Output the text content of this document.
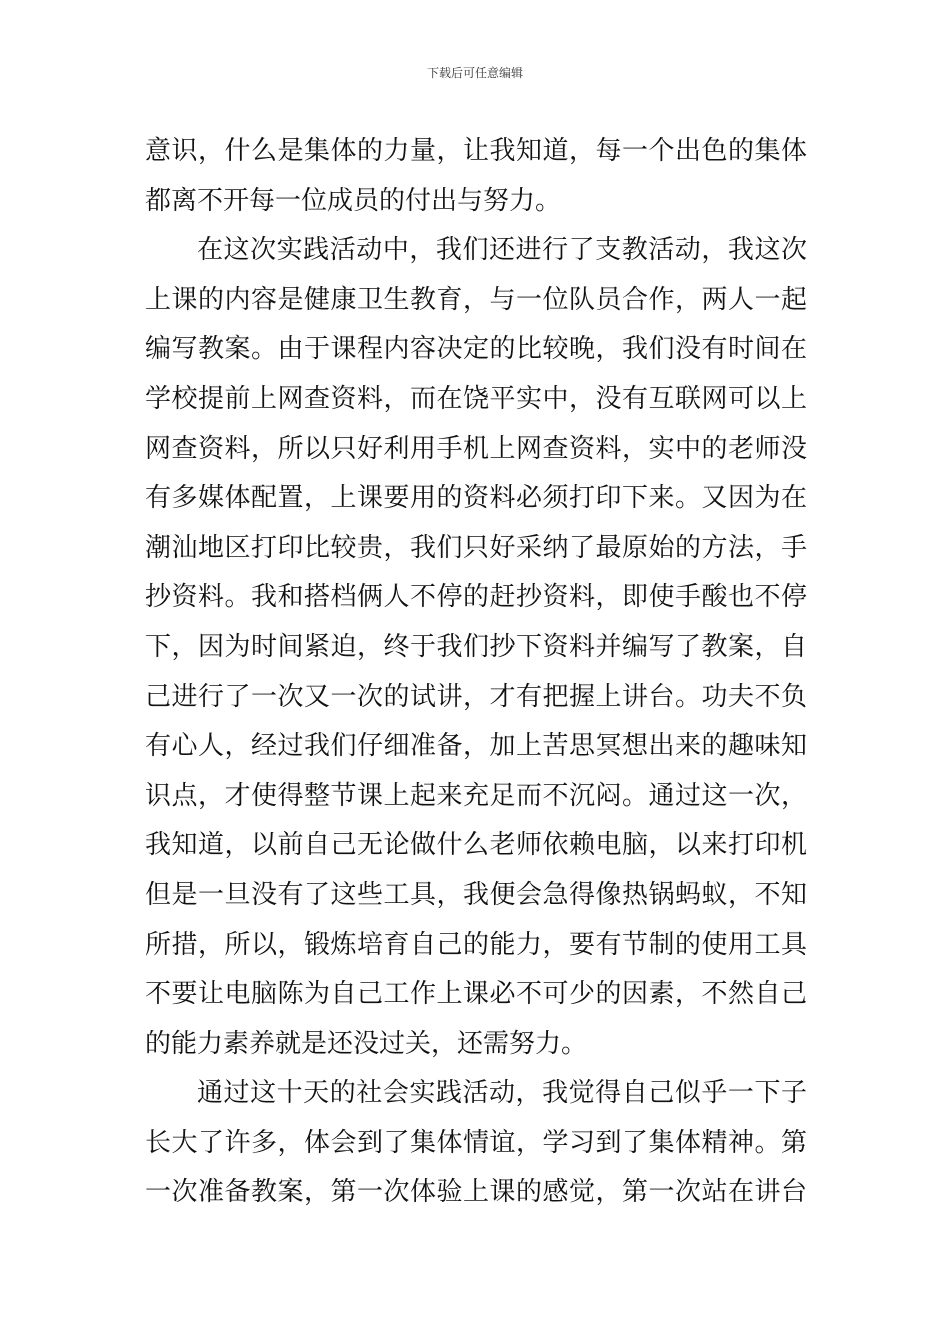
下载后可任意编辑
意识，什么是集体的力量，让我知道，每一个出色的集体
都离不开每一位成员的付出与努力。
在这次实践活动中，我们还进行了支教活动，我这次
上课的内容是健康卫生教育，与一位队员合作，两人一起
编写教案。由于课程内容决定的比较晚，我们没有时间在
学校提前上网查资料，而在饶平实中，没有互联网可以上
网查资料，所以只好利用手机上网查资料，实中的老师没
有多媒体配置，上课要用的资料必须打印下来。又因为在
潮汕地区打印比较贵，我们只好采纳了最原始的方法，手
抄资料。我和搭档俩人不停的赶抄资料，即使手酸也不停
下，因为时间紧迫，终于我们抄下资料并编写了教案，自
己进行了一次又一次的试讲，才有把握上讲台。功夫不负
有心人，经过我们仔细准备，加上苦思冥想出来的趣味知
识点，才使得整节课上起来充足而不沉闷。通过这一次，
我知道，以前自己无论做什么老师依赖电脑，以来打印机
但是一旦没有了这些工具，我便会急得像热锅蚂蚁，不知
所措，所以，锻炼培育自己的能力，要有节制的使用工具
不要让电脑陈为自己工作上课必不可少的因素，不然自己
的能力素养就是还没过关，还需努力。
通过这十天的社会实践活动，我觉得自己似乎一下子
长大了许多，体会到了集体情谊，学习到了集体精神。第
一次准备教案，第一次体验上课的感觉，第一次站在讲台
